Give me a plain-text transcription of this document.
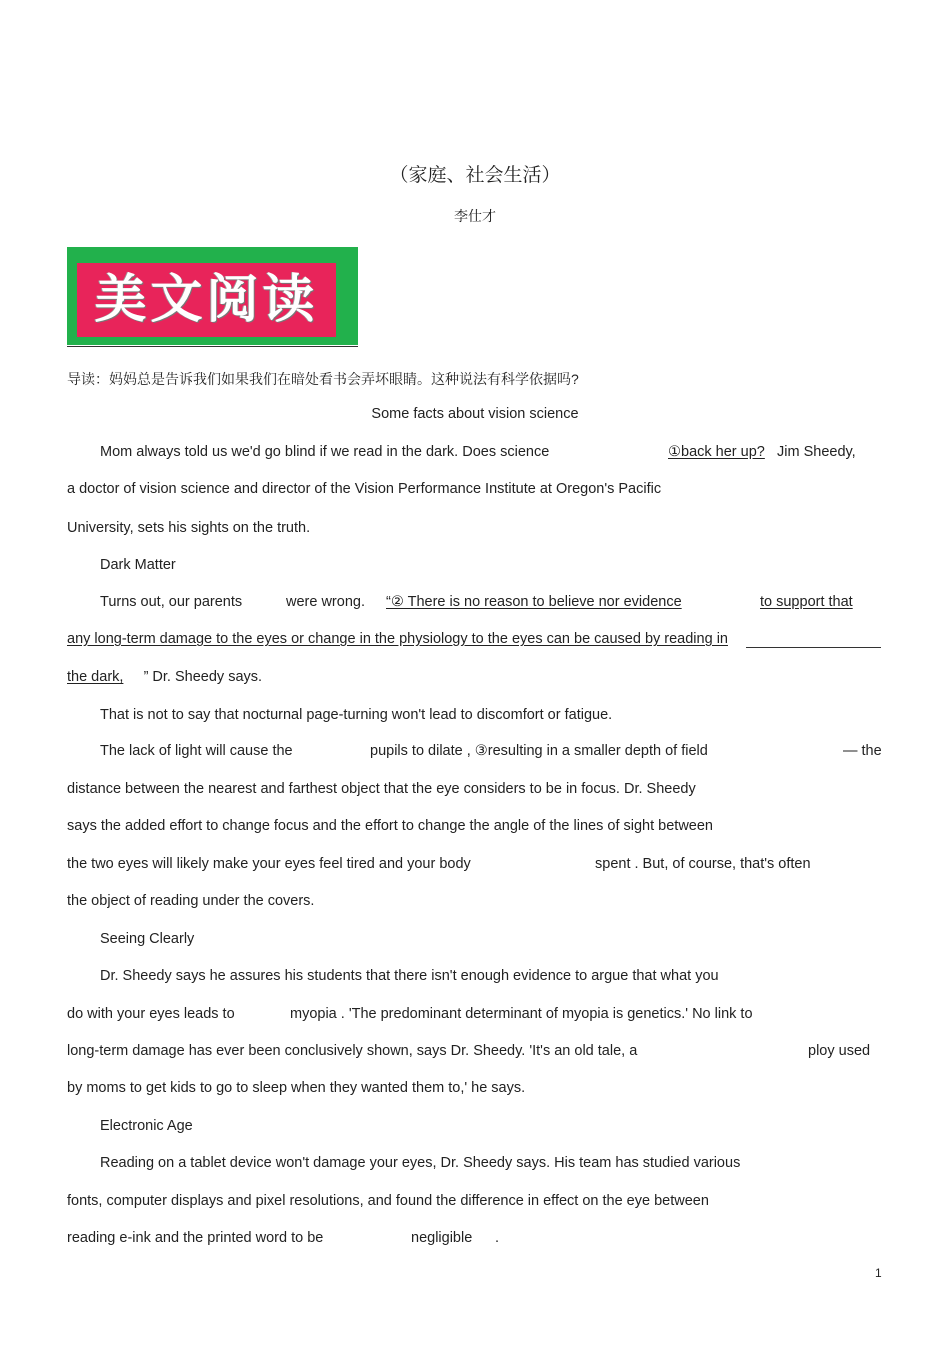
（家庭、社会生活）
李仕才
美文阅读
导读：妈妈总是告诉我们如果我们在暗处看书会弄坏眼睛。这种说法有科学依据吗?
Some facts about vision science
Mom always told us we'd go blind if we read in the dark. Does science	①back her up? Jim Sheedy,
a doctor of vision science and director of the Vision Performance Institute at Oregon's Pacific
University, sets his sights on the truth.
Dark Matter
Turns out, our parents	were wrong. “② There is no reason to believe nor evidence	to support that
any long-term damage to the eyes or change in the physiology to the eyes can be caused by reading in
the dark, ” Dr. Sheedy says.
That is not to say that nocturnal page-turning won't lead to discomfort or fatigue.
The lack of light will cause the	pupils to dilate , ③resulting in a smaller depth of field	— the
distance between the nearest and farthest object that the eye considers to be in focus. Dr. Sheedy
says the added effort to change focus and the effort to change the angle of the lines of sight between
the two eyes will likely make your eyes feel tired and your body	spent . But, of course, that's often
the object of reading under the covers.
Seeing Clearly
Dr. Sheedy says he assures his students that there isn't enough evidence to argue that what you
do with your eyes leads to	myopia . 'The predominant determinant of myopia is genetics.' No link to
long-term damage has ever been conclusively shown, says Dr. Sheedy. 'It's an old tale, a	ploy used
by moms to get kids to go to sleep when they wanted them to,' he says.
Electronic Age
Reading on a tablet device won't damage your eyes, Dr. Sheedy says. His team has studied various
fonts, computer displays and pixel resolutions, and found the difference in effect on the eye between
reading e-ink and the printed word to be	negligible .
1
